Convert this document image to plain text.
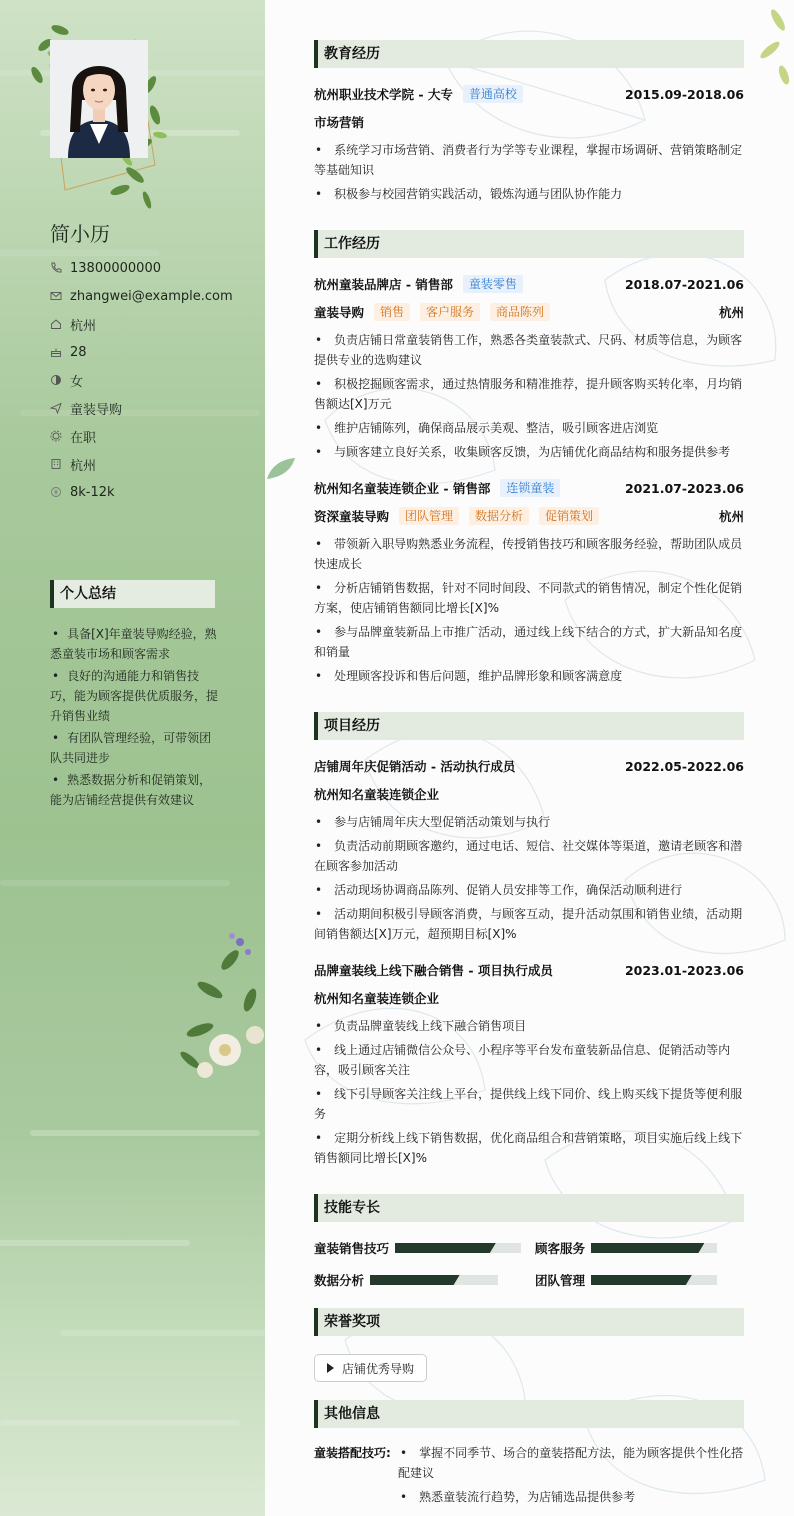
简小历
13800000000
zhangwei@example.com
杭州
28
女
童装导购
在职
杭州
8k-12k
个人总结
• 具备[X]年童装导购经验，熟悉童装市场和顾客需求
• 良好的沟通能力和销售技巧，能为顾客提供优质服务，提升销售业绩
• 有团队管理经验，可带领团队共同进步
• 熟悉数据分析和促销策划，能为店铺经营提供有效建议
教育经历
杭州职业技术学院 - 大专	普通高校	2015.09-2018.06
市场营销
• 系统学习市场营销、消费者行为学等专业课程，掌握市场调研、营销策略制定等基础知识
• 积极参与校园营销实践活动，锻炼沟通与团队协作能力
工作经历
杭州童装品牌店 - 销售部	童装零售	2018.07-2021.06
童装导购	销售	客户服务	商品陈列	杭州
• 负责店铺日常童装销售工作，熟悉各类童装款式、尺码、材质等信息，为顾客提供专业的选购建议
• 积极挖掘顾客需求，通过热情服务和精准推荐，提升顾客购买转化率，月均销售额达[X]万元
• 维护店铺陈列，确保商品展示美观、整洁，吸引顾客进店浏览
• 与顾客建立良好关系，收集顾客反馈，为店铺优化商品结构和服务提供参考
杭州知名童装连锁企业 - 销售部	连锁童装	2021.07-2023.06
资深童装导购	团队管理	数据分析	促销策划	杭州
• 带领新入职导购熟悉业务流程，传授销售技巧和顾客服务经验，帮助团队成员快速成长
• 分析店铺销售数据，针对不同时间段、不同款式的销售情况，制定个性化促销方案，使店铺销售额同比增长[X]%
• 参与品牌童装新品上市推广活动，通过线上线下结合的方式，扩大新品知名度和销量
• 处理顾客投诉和售后问题，维护品牌形象和顾客满意度
项目经历
店铺周年庆促销活动 - 活动执行成员	2022.05-2022.06
杭州知名童装连锁企业
• 参与店铺周年庆大型促销活动策划与执行
• 负责活动前期顾客邀约，通过电话、短信、社交媒体等渠道，邀请老顾客和潜在顾客参加活动
• 活动现场协调商品陈列、促销人员安排等工作，确保活动顺利进行
• 活动期间积极引导顾客消费，与顾客互动，提升活动氛围和销售业绩，活动期间销售额达[X]万元，超预期目标[X]%
品牌童装线上线下融合销售 - 项目执行成员	2023.01-2023.06
杭州知名童装连锁企业
• 负责品牌童装线上线下融合销售项目
• 线上通过店铺微信公众号、小程序等平台发布童装新品信息、促销活动等内容，吸引顾客关注
• 线下引导顾客关注线上平台，提供线上线下同价、线上购买线下提货等便利服务
• 定期分析线上线下销售数据，优化商品组合和营销策略，项目实施后线上线下销售额同比增长[X]%
技能专长
童装销售技巧	顾客服务
数据分析	团队管理
荣誉奖项
店铺优秀导购
其他信息
童装搭配技巧:
•	掌握不同季节、场合的童装搭配方法，能为顾客提供个性化搭配建议
• 熟悉童装流行趋势，为店铺选品提供参考
